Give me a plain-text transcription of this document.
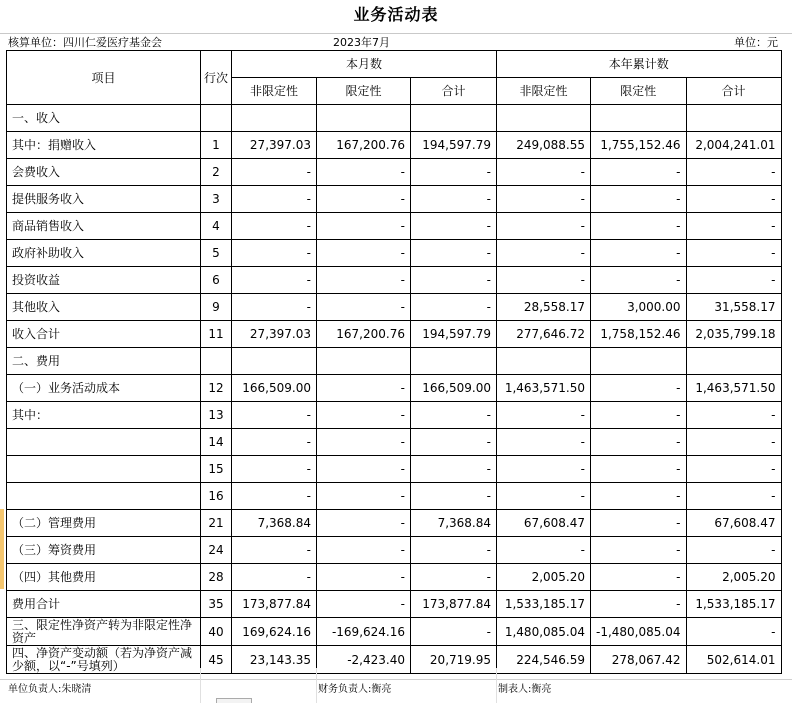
业务活动表
核算单位：四川仁爱医疗基金会	2023年7月	单位：元
项目	行次	本月数			本年累计数		
		非限定性	限定性	合计	非限定性	限定性	合计
一、收入							
其中：捐赠收入	1	27,397.03	167,200.76	194,597.79	249,088.55	1,755,152.46	2,004,241.01
会费收入	2	-	-	-	-	-	-
提供服务收入	3	-	-	-	-	-	-
商品销售收入	4	-	-	-	-	-	-
政府补助收入	5	-	-	-	-	-	-
投资收益	6	-	-	-	-	-	-
其他收入	9	-	-	-	28,558.17	3,000.00	31,558.17
收入合计	11	27,397.03	167,200.76	194,597.79	277,646.72	1,758,152.46	2,035,799.18
二、费用							
（一）业务活动成本	12	166,509.00	-	166,509.00	1,463,571.50	-	1,463,571.50
其中：	13	-	-	-	-	-	-
	14	-	-	-	-	-	-
	15	-	-	-	-	-	-
	16	-	-	-	-	-	-
（二）管理费用	21	7,368.84	-	7,368.84	67,608.47	-	67,608.47
（三）筹资费用	24	-	-	-	-	-	-
（四）其他费用	28	-	-	-	2,005.20	-	2,005.20
费用合计	35	173,877.84	-	173,877.84	1,533,185.17	-	1,533,185.17
三、限定性净资产转为非限定性净资产	40	169,624.16	-169,624.16	-	1,480,085.04	-1,480,085.04	-
四、净资产变动额（若为净资产减少额，以“-”号填列）	45	23,143.35	-2,423.40	20,719.95	224,546.59	278,067.42	502,614.01
单位负责人:朱晓清	财务负责人:衡亮	制表人:衡亮
